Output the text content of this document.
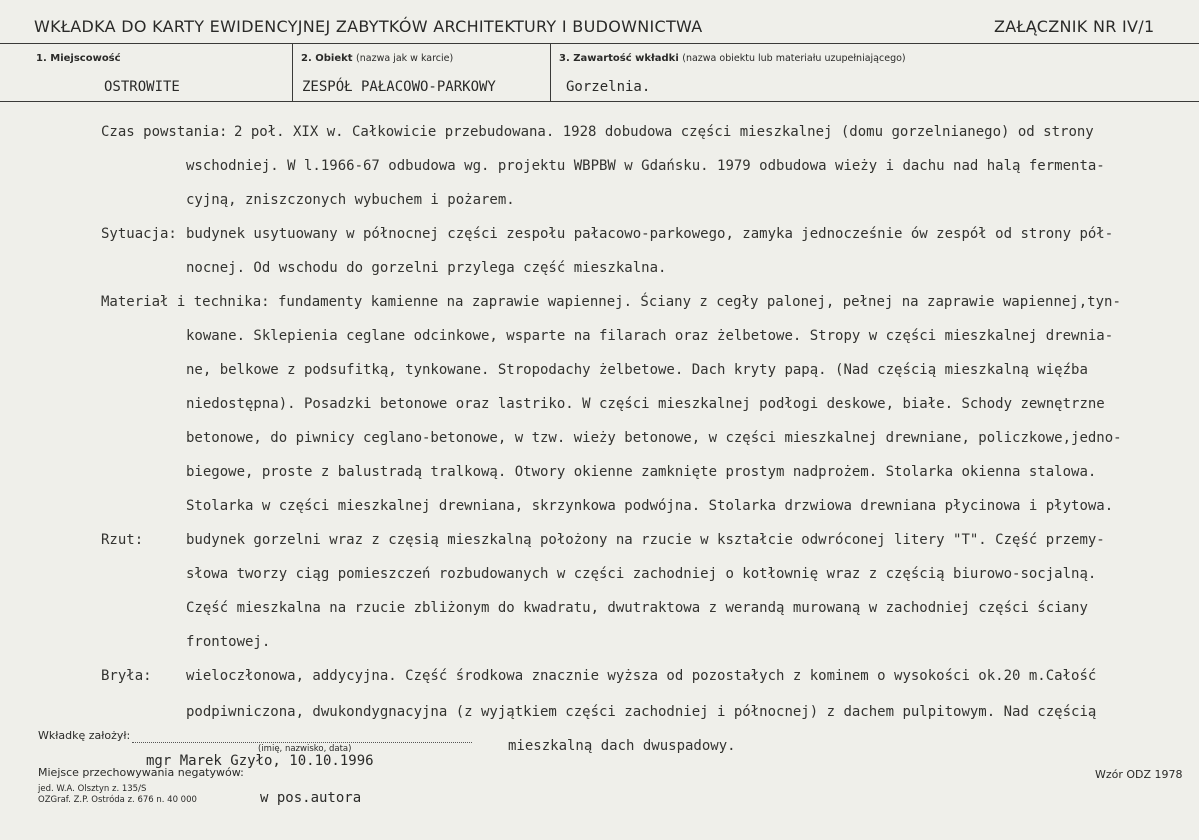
WKŁADKA DO KARTY EWIDENCYJNEJ ZABYTKÓW ARCHITEKTURY I BUDOWNICTWA	ZAŁĄCZNIK NR IV/1
1. Miejscowość	2. Obiekt (nazwa jak w karcie)	3. Zawartość wkładki (nazwa obiektu lub materiału uzupełniającego)
OSTROWITE	ZESPÓŁ PAŁACOWO-PARKOWY	Gorzelnia.
Czas powstania: 2 poł. XIX w. Całkowicie przebudowana. 1928 dobudowa części mieszkalnej (domu gorzelnianego) od strony
wschodniej. W l.1966-67 odbudowa wg. projektu WBPBW w Gdańsku. 1979 odbudowa wieży i dachu nad halą fermenta-
cyjną, zniszczonych wybuchem i pożarem.
Sytuacja: budynek usytuowany w północnej części zespołu pałacowo-parkowego, zamyka jednocześnie ów zespół od strony pół-
nocnej. Od wschodu do gorzelni przylega część mieszkalna.
Materiał i technika: fundamenty kamienne na zaprawie wapiennej. Ściany z cegły palonej, pełnej na zaprawie wapiennej,tyn-
kowane. Sklepienia ceglane odcinkowe, wsparte na filarach oraz żelbetowe. Stropy w części mieszkalnej drewnia-
ne, belkowe z podsufitką, tynkowane. Stropodachy żelbetowe. Dach kryty papą. (Nad częścią mieszkalną więźba
niedostępna). Posadzki betonowe oraz lastriko. W części mieszkalnej podłogi deskowe, białe. Schody zewnętrzne
betonowe, do piwnicy ceglano-betonowe, w tzw. wieży betonowe, w części mieszkalnej drewniane, policzkowe,jedno-
biegowe, proste z balustradą tralkową. Otwory okienne zamknięte prostym nadprożem. Stolarka okienna stalowa.
Stolarka w części mieszkalnej drewniana, skrzynkowa podwójna. Stolarka drzwiowa drewniana płycinowa i płytowa.
Rzut:	budynek gorzelni wraz z częsią mieszkalną położony na rzucie w kształcie odwróconej litery "T". Część przemy-
słowa tworzy ciąg pomieszczeń rozbudowanych w części zachodniej o kotłownię wraz z częścią biurowo-socjalną.
Część mieszkalna na rzucie zbliżonym do kwadratu, dwutraktowa z werandą murowaną w zachodniej części ściany
frontowej.
Bryła: wieloczłonowa, addycyjna. Część środkowa znacznie wyższa od pozostałych z kominem o wysokości ok.20 m.Całość
podpiwniczona, dwukondygnacyjna (z wyjątkiem części zachodniej i północnej) z dachem pulpitowym. Nad częścią
mieszkalną dach dwuspadowy.
Wkładkę założył:
(imię, nazwisko, data)
mgr Marek Gzyło, 10.10.1996
Miejsce przechowywania negatywów:
w pos.autora
jed. W.A. Olsztyn z. 135/S
OZGraf. Z.P. Ostróda z. 676 n. 40 000
Wzór ODZ 1978
